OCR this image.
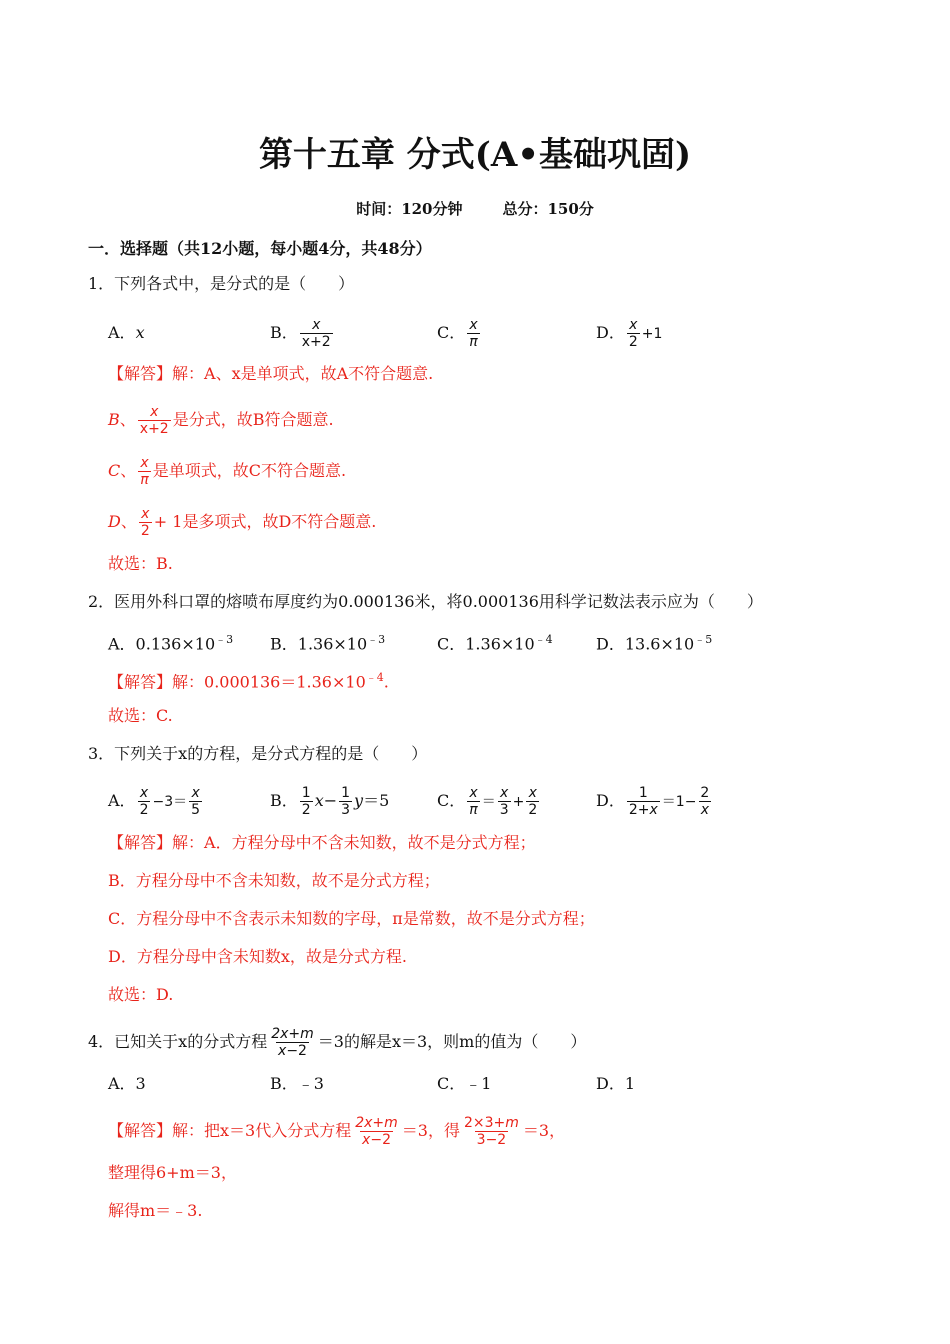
第十五章 分式(A•基础巩固)
时间：120分钟	总分：150分
一．选择题（共12小题，每小题4分，共48分）
1．下列各式中，是分式的是（　　）
A．x	B． $\frac{x}{x+2}$	C． $\frac{x}{\pi}$	D． $\frac{x}{2} +1$
【解答】解：A、x是单项式，故A不符合题意.
B、 $\frac{x}{x+2}$ 是分式，故B符合题意.
C、 $\frac{x}{\pi}$ 是单项式，故C不符合题意.
D、 $\frac{x}{2} + 1$是多项式，故D不符合题意.
故选：B.
2．医用外科口罩的熔喷布厚度约为0.000136米，将0.000136用科学记数法表示应为（　　）
A．$0.136\times 10^{﹣3}$ B．$1.36\times 10^{﹣3}$	C．$1.36\times 10^{﹣4}$	D．$13.6\times 10^{﹣5}$
【解答】解：$0.000136=1.36\times 10^{﹣4}$.
故选：C.
3．下列关于x的方程，是分式方程的是（　　）
A． $\frac{x}{2} -3= \frac{x}{5}$	B． $\frac{1}{2} x- \frac{1}{3} y=5$	C． $\frac{x}{\pi} = \frac{x}{3} + \frac{x}{2}$	D． $\frac{1}{2+x} =1- \frac{2}{x}$
【解答】解：A．方程分母中不含未知数，故不是分式方程；
B．方程分母中不含未知数，故不是分式方程；
C．方程分母中不含表示未知数的字母，π是常数，故不是分式方程；
D．方程分母中含未知数x，故是分式方程.
故选：D.
4．已知关于x的分式方程 $\frac{2x+m}{x-2} =3$的解是x＝3，则m的值为（　　）
A．3	B．﹣3	C．﹣1	D．1
【解答】解：把x＝3代入分式方程 $\frac{2x+m}{x-2} =3$，得 $\frac{2\times 3+m}{3-2} =3$，
整理得6+m＝3，
解得m＝﹣3.
